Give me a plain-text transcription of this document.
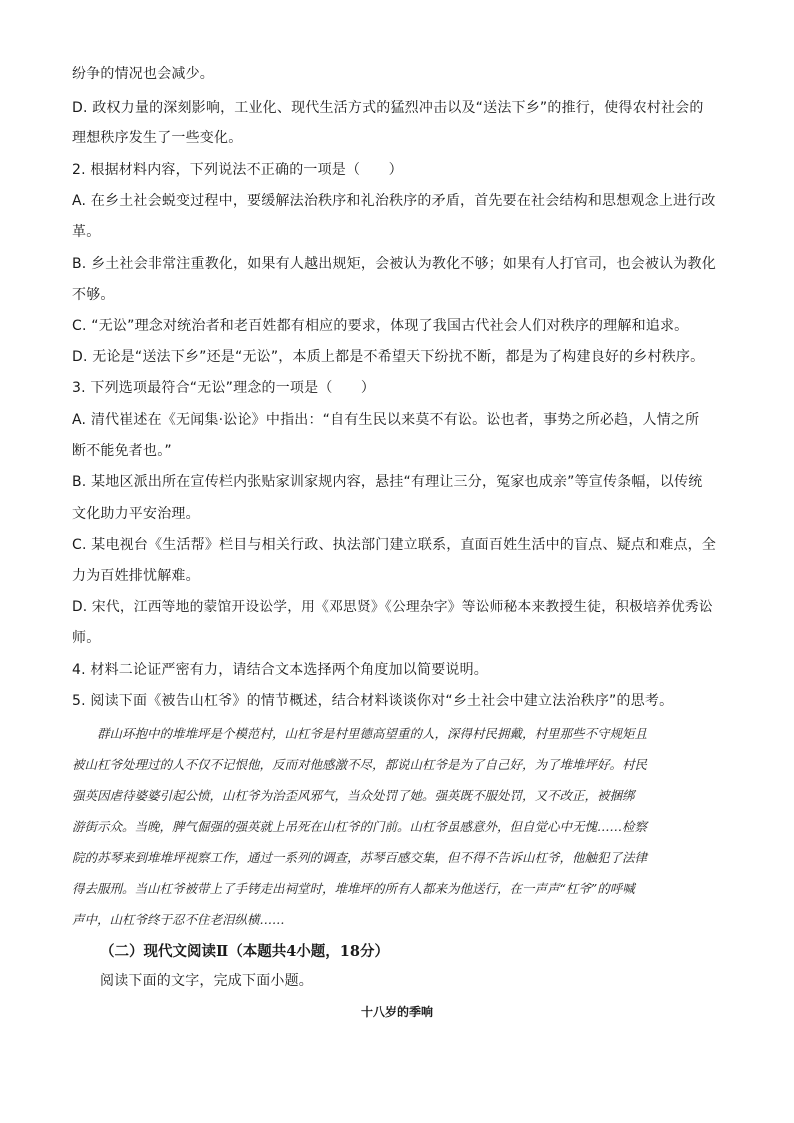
纷争的情况也会减少。
D. 政权力量的深刻影响，工业化、现代生活方式的猛烈冲击以及“送法下乡”的推行，使得农村社会的
理想秩序发生了一些变化。
2. 根据材料内容，下列说法不正确的一项是（　　）
A. 在乡土社会蜕变过程中，要缓解法治秩序和礼治秩序的矛盾，首先要在社会结构和思想观念上进行改
革。
B. 乡土社会非常注重教化，如果有人越出规矩，会被认为教化不够；如果有人打官司，也会被认为教化
不够。
C. “无讼”理念对统治者和老百姓都有相应的要求，体现了我国古代社会人们对秩序的理解和追求。
D. 无论是“送法下乡”还是“无讼”，本质上都是不希望天下纷扰不断，都是为了构建良好的乡村秩序。
3. 下列选项最符合“无讼”理念的一项是（　　）
A. 清代崔述在《无闻集·讼论》中指出：“自有生民以来莫不有讼。讼也者，事势之所必趋，人情之所
断不能免者也。”
B. 某地区派出所在宣传栏内张贴家训家规内容，悬挂“有理让三分，冤家也成亲”等宣传条幅，以传统
文化助力平安治理。
C. 某电视台《生活帮》栏目与相关行政、执法部门建立联系，直面百姓生活中的盲点、疑点和难点，全
力为百姓排忧解难。
D. 宋代，江西等地的蒙馆开设讼学，用《邓思贤》《公理杂字》等讼师秘本来教授生徒，积极培养优秀讼
师。
4. 材料二论证严密有力，请结合文本选择两个角度加以简要说明。
5. 阅读下面《被告山杠爷》的情节概述，结合材料谈谈你对“乡土社会中建立法治秩序”的思考。
　　群山环抱中的堆堆坪是个模范村，山杠爷是村里德高望重的人，深得村民拥戴，村里那些不守规矩且
被山杠爷处理过的人不仅不记恨他，反而对他感激不尽，都说山杠爷是为了自己好，为了堆堆坪好。村民
强英因虐待婆婆引起公愤，山杠爷为治歪风邪气，当众处罚了她。强英既不服处罚，又不改正，被捆绑
游街示众。当晚，脾气倔强的强英就上吊死在山杠爷的门前。山杠爷虽感意外，但自觉心中无愧……检察
院的苏琴来到堆堆坪视察工作，通过一系列的调查，苏琴百感交集，但不得不告诉山杠爷，他触犯了法律
得去服刑。当山杠爷被带上了手铐走出祠堂时，堆堆坪的所有人都来为他送行，在一声声“杠爷”的呼喊
声中，山杠爷终于忍不住老泪纵横……
（二）现代文阅读Ⅱ（本题共4小题，18分）
阅读下面的文字，完成下面小题。
十八岁的季响
